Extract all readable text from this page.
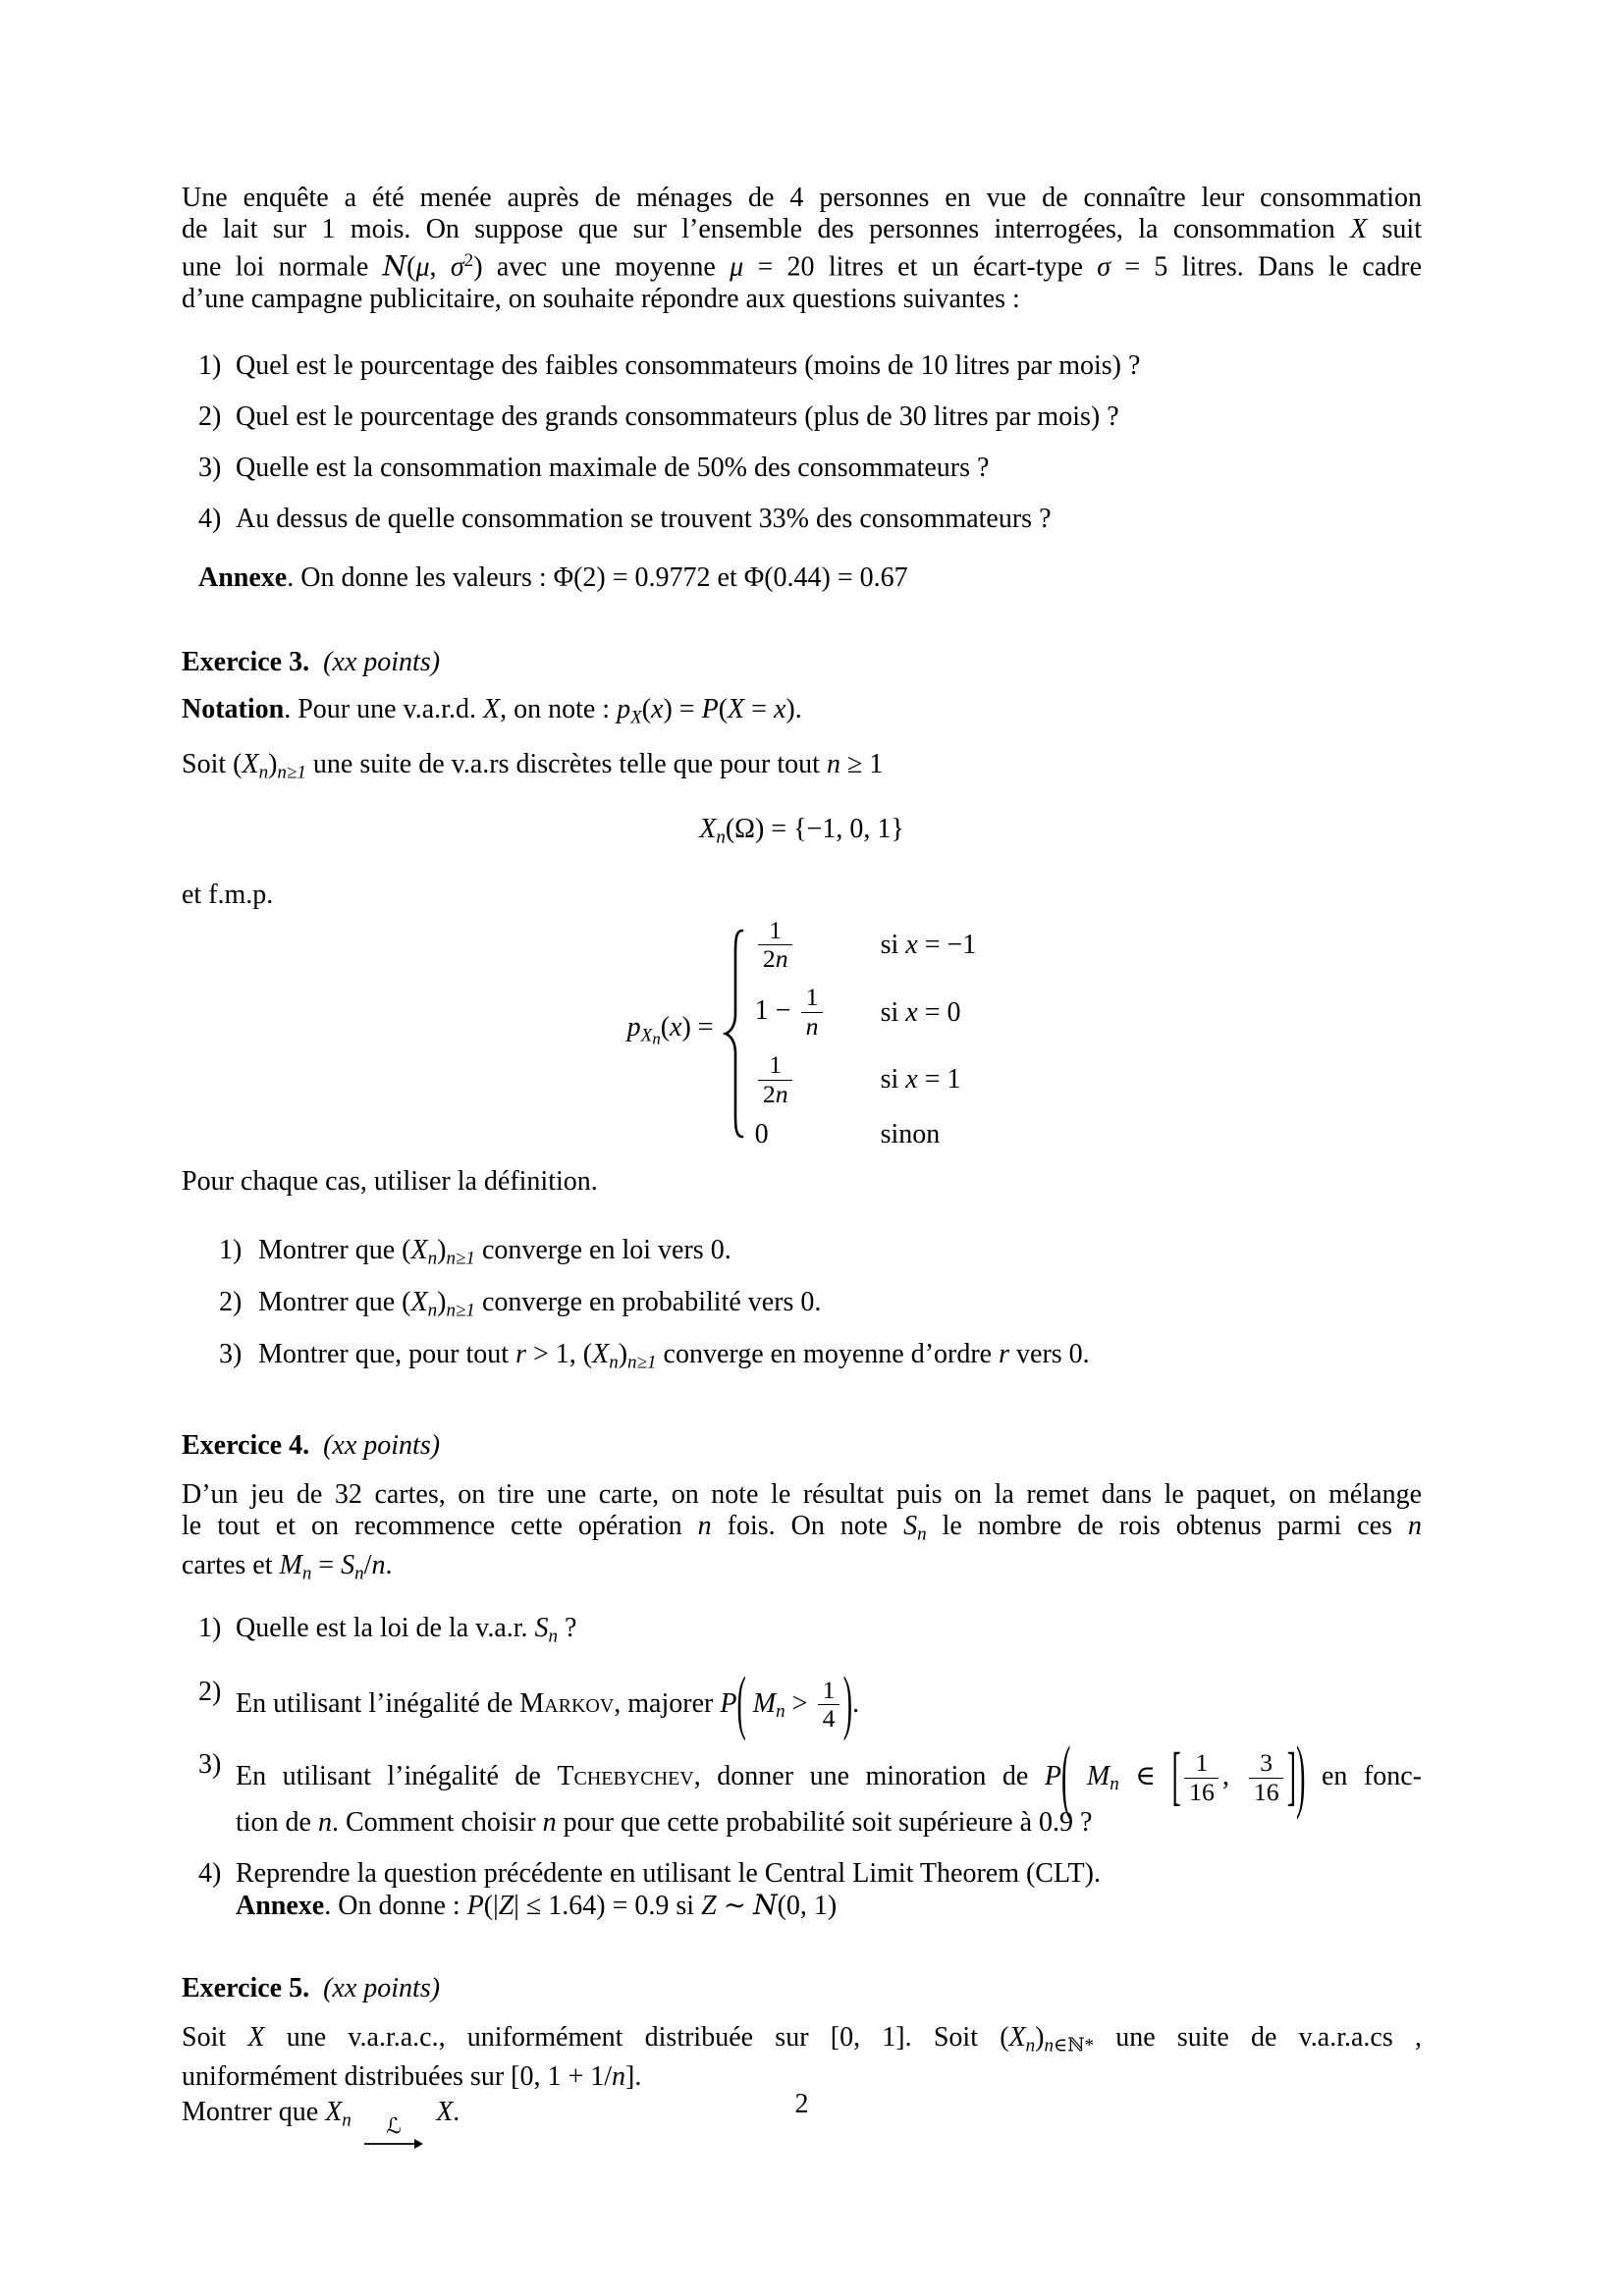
Une enquête a été menée auprès de ménages de 4 personnes en vue de connaître leur consommation
de lait sur 1 mois. On suppose que sur l’ensemble des personnes interrogées, la consommation X suit
une loi normale N(μ, $\sigma^2$) avec une moyenne μ = 20 litres et un écart-type σ = 5 litres. Dans le cadre
d’une campagne publicitaire, on souhaite répondre aux questions suivantes :
1) Quel est le pourcentage des faibles consommateurs (moins de 10 litres par mois) ?
2) Quel est le pourcentage des grands consommateurs (plus de 30 litres par mois) ?
3) Quelle est la consommation maximale de 50% des consommateurs ?
4) Au dessus de quelle consommation se trouvent 33% des consommateurs ?
Annexe. On donne les valeurs : Φ(2) = 0.9772 et Φ(0.44) = 0.67
Exercice 3. (xx points)
Notation. Pour une v.a.r.d. X, on note : $p_X(x) = P(X = x)$.
Soit $(X_n)_{n\ge 1}$ une suite de v.a.rs discrètes telle que pour tout n ≥ 1
$X_n(\Omega) = \{-1$, 0, 1}
et f.m.p.
$p_{Xn}(x)$ =
$\frac{1}{2n}$	si x = −1
$1 - \frac{1}{n}$ si x = 0
$\frac{1}{2n}$	si x = 1
0	sinon
Pour chaque cas, utiliser la définition.
1) Montrer que $(X_n)_{n\ge 1}$ converge en loi vers 0.
2) Montrer que $(X_n)_{n\ge 1}$ converge en probabilité vers 0.
3) Montrer que, pour tout r > 1, $(X_n)_{n\ge 1}$ converge en moyenne d’ordre r vers 0.
Exercice 4. (xx points)
D’un jeu de 32 cartes, on tire une carte, on note le résultat puis on la remet dans le paquet, on mélange
le tout et on recommence cette opération n fois. On note $S_n$ le nombre de rois obtenus parmi ces n
cartes et $M_n = S_n/n$.
1) Quelle est la loi de la v.a.r. $S_n$ ?
2) En utilisant l’inégalité de Markov, majorer P( $M_n > \frac{1}{4}$ ).
3) En utilisant l’inégalité de Tchebychev, donner une minoration de P( $M_n$ ∈ [ $\frac{1}{16}$ , $\frac{3}{16}$ ]) en fonc-
tion de n. Comment choisir n pour que cette probabilité soit supérieure à 0.9 ?
4) Reprendre la question précédente en utilisant le Central Limit Theorem (CLT).
Annexe. On donne : P(|Z| ≤ 1.64) = 0.9 si Z ∼ N(0, 1)
Exercice 5. (xx points)
Soit X une v.a.r.a.c., uniformément distribuée sur [0, 1]. Soit $(X_n)_{n\in ℕ*}$ une suite de v.a.r.a.cs ,
uniformément distribuées sur [0, 1 + 1/n].
Montrer que $X_n$ ℒ X.	2
